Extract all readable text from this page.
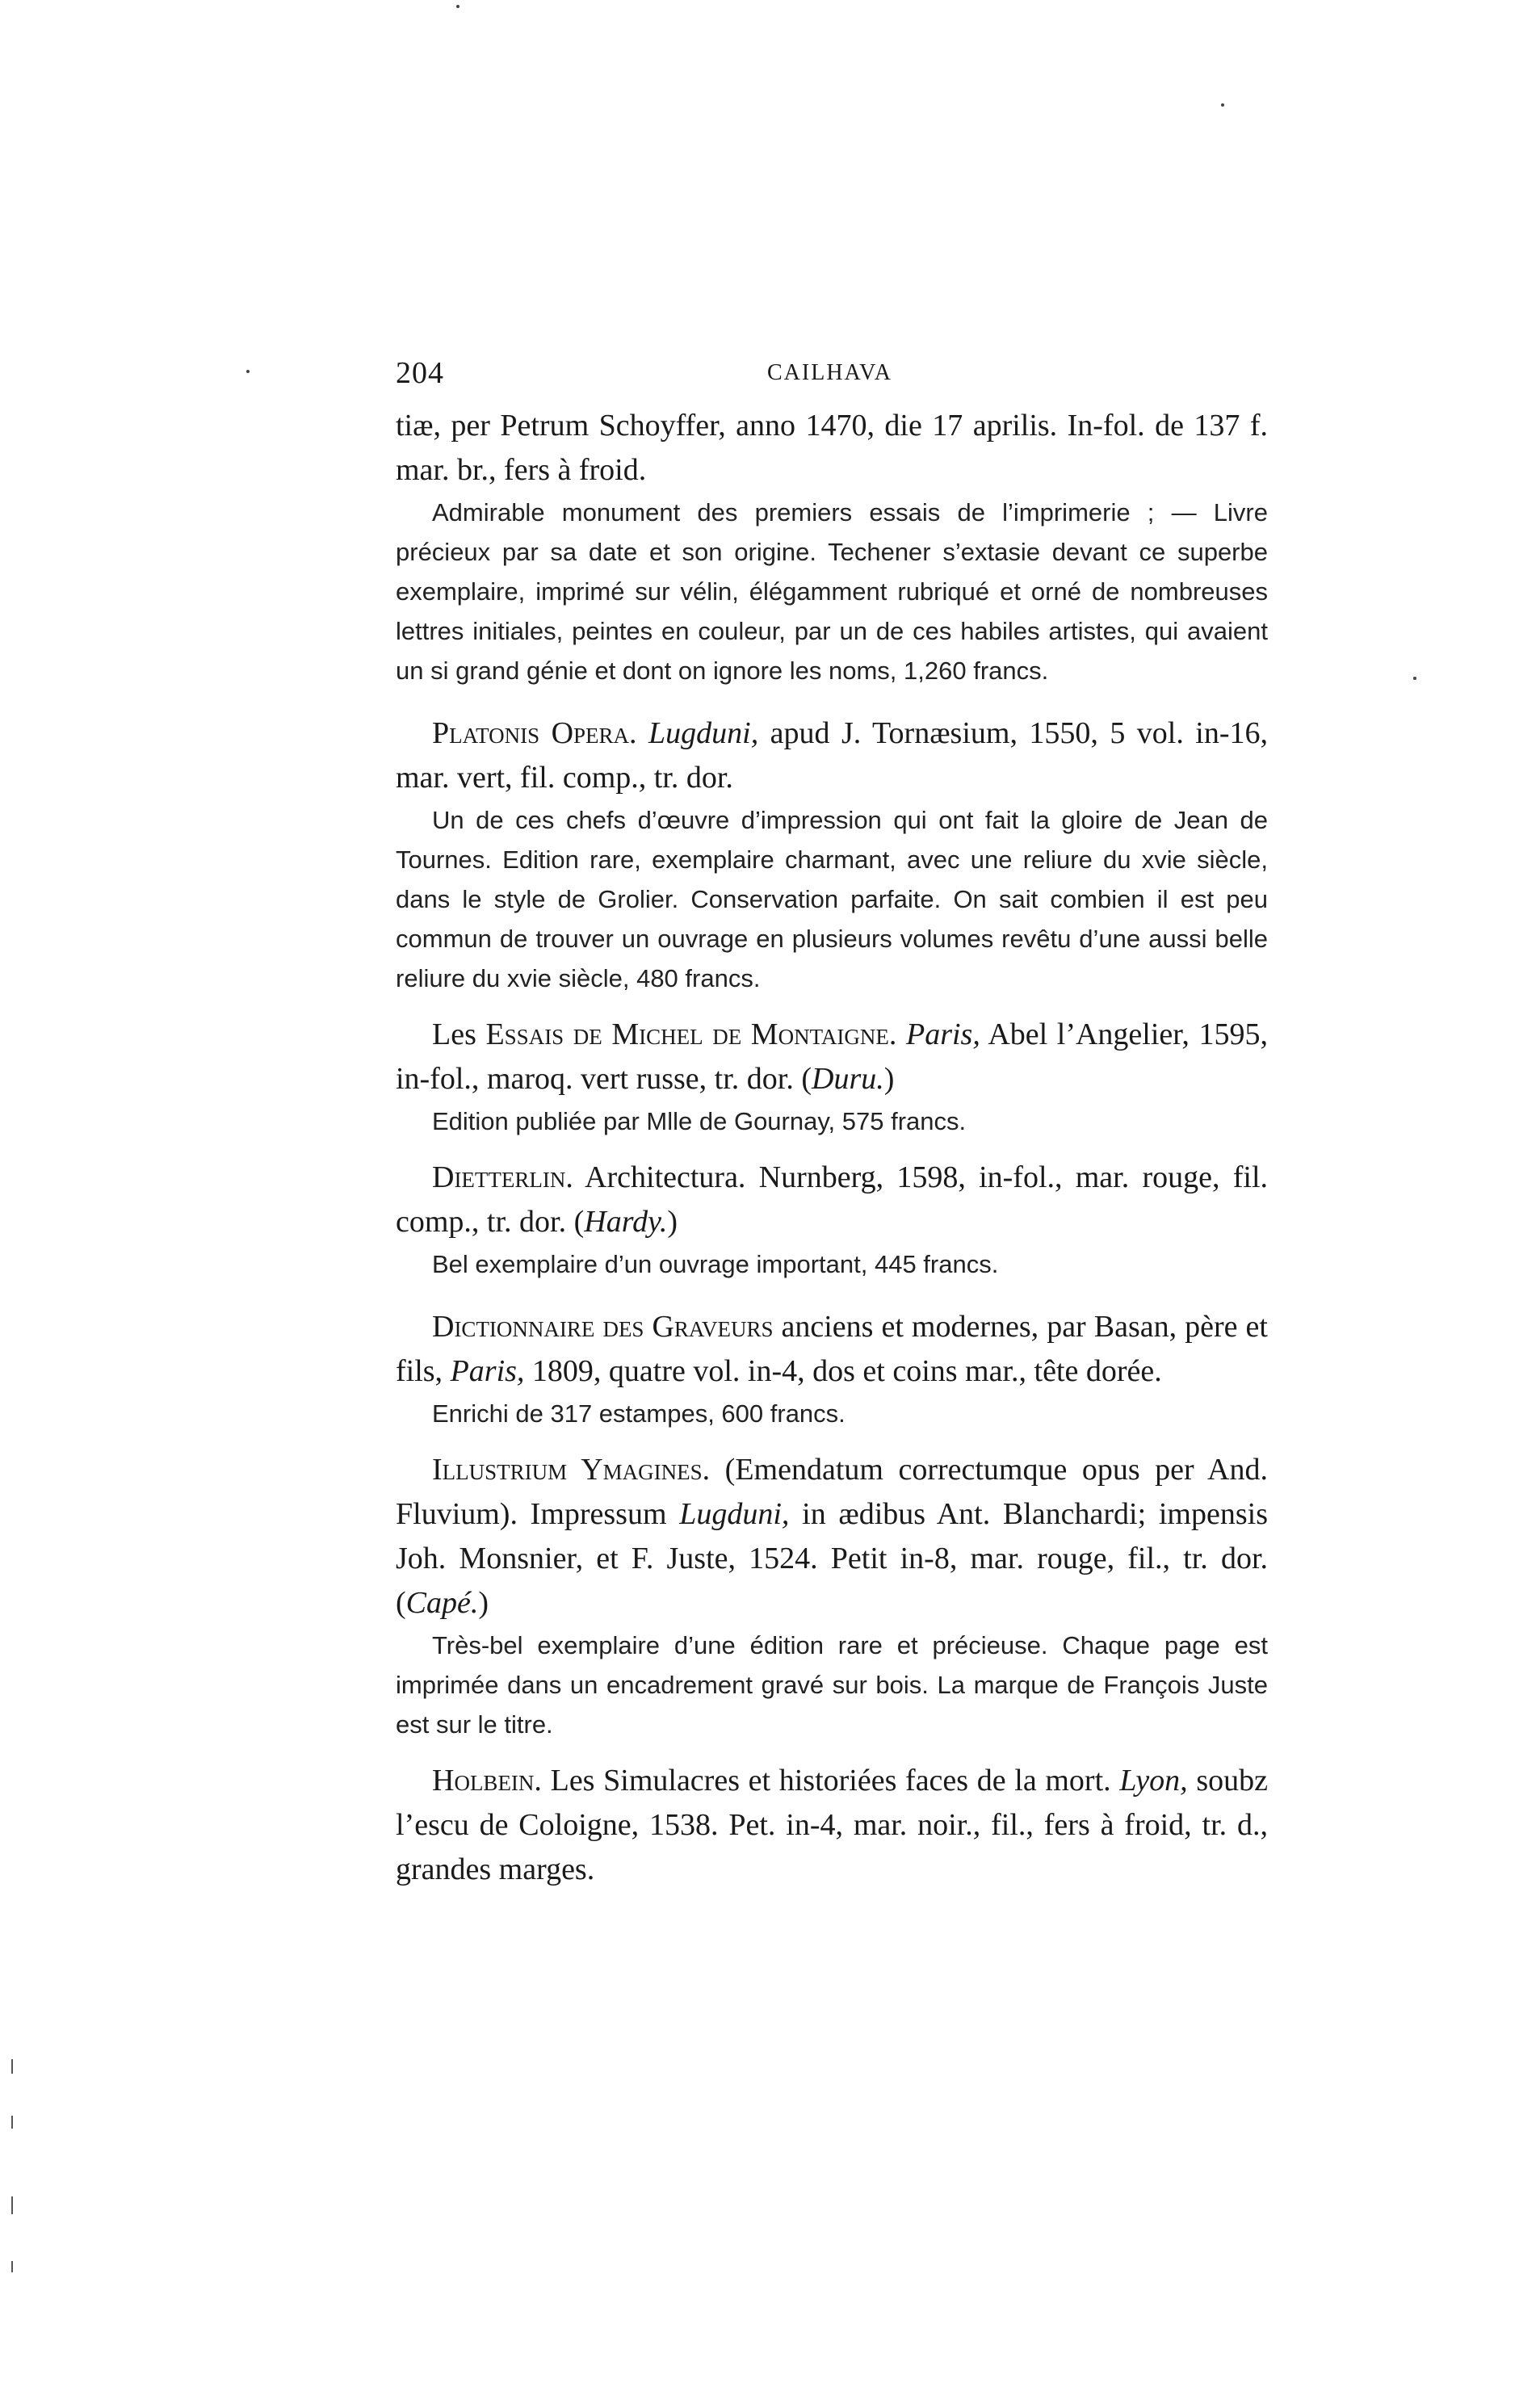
204	CAILHAVA

tiæ, per Petrum Schoyffer, anno 1470, die 17 aprilis. In-fol. de 137 f. mar. br., fers à froid.

Admirable monument des premiers essais de l’imprimerie ; — Livre précieux par sa date et son origine. Techener s’extasie devant ce superbe exemplaire, imprimé sur vélin, élégamment rubriqué et orné de nombreuses lettres initiales, peintes en couleur, par un de ces habiles artistes, qui avaient un si grand génie et dont on ignore les noms, 1,260 francs.

Platonis Opera. Lugduni, apud J. Tornæsium, 1550, 5 vol. in-16, mar. vert, fil. comp., tr. dor.

Un de ces chefs d’œuvre d’impression qui ont fait la gloire de Jean de Tournes. Edition rare, exemplaire charmant, avec une reliure du xvie siècle, dans le style de Grolier. Conservation parfaite. On sait combien il est peu commun de trouver un ouvrage en plusieurs volumes revêtu d’une aussi belle reliure du xvie siècle, 480 francs.

Les Essais de Michel de Montaigne. Paris, Abel l’Angelier, 1595, in-fol., maroq. vert russe, tr. dor. (Duru.)

Edition publiée par Mlle de Gournay, 575 francs.

Dietterlin. Architectura. Nurnberg, 1598, in-fol., mar. rouge, fil. comp., tr. dor. (Hardy.)

Bel exemplaire d’un ouvrage important, 445 francs.

Dictionnaire des Graveurs anciens et modernes, par Basan, père et fils, Paris, 1809, quatre vol. in-4, dos et coins mar., tête dorée.

Enrichi de 317 estampes, 600 francs.

Illustrium Ymagines. (Emendatum correctumque opus per And. Fluvium). Impressum Lugduni, in ædibus Ant. Blanchardi; impensis Joh. Monsnier, et F. Juste, 1524. Petit in-8, mar. rouge, fil., tr. dor. (Capé.)

Très-bel exemplaire d’une édition rare et précieuse. Chaque page est imprimée dans un encadrement gravé sur bois. La marque de François Juste est sur le titre.

Holbein. Les Simulacres et historiées faces de la mort. Lyon, soubz l’escu de Coloigne, 1538. Pet. in-4, mar. noir., fil., fers à froid, tr. d., grandes marges.
